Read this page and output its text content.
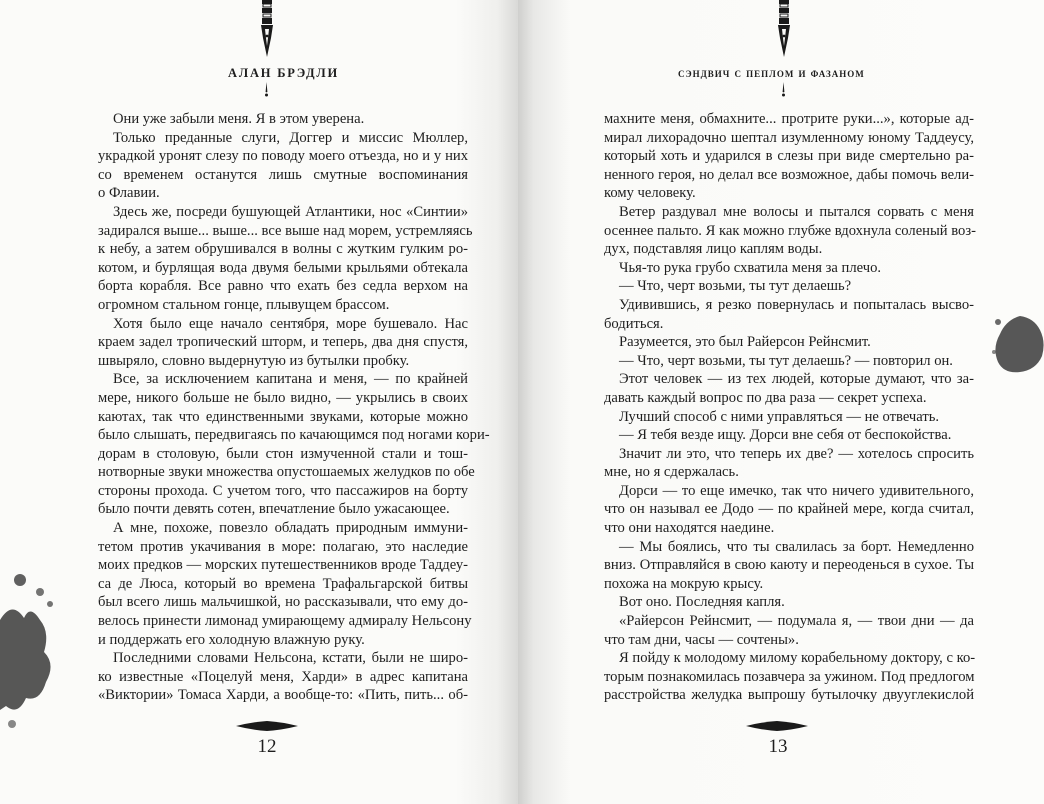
АЛАН БРЭДЛИ
Они уже забыли меня. Я в этом уверена.
Только преданные слуги, Доггер и миссис Мюллер,
украдкой уронят слезу по поводу моего отъезда, но и у них
со временем останутся лишь смутные воспоминания
о Флавии.
Здесь же, посреди бушующей Атлантики, нос «Синтии»
задирался выше... выше... все выше над морем, устремляясь
к небу, а затем обрушивался в волны с жутким гулким ро-
котом, и бурлящая вода двумя белыми крыльями обтекала
борта корабля. Все равно что ехать без седла верхом на
огромном стальном гонце, плывущем брассом.
Хотя было еще начало сентября, море бушевало. Нас
краем задел тропический шторм, и теперь, два дня спустя,
швыряло, словно выдернутую из бутылки пробку.
Все, за исключением капитана и меня, — по крайней
мере, никого больше не было видно, — укрылись в своих
каютах, так что единственными звуками, которые можно
было слышать, передвигаясь по качающимся под ногами кори-
дорам в столовую, были стон измученной стали и тош-
нотворные звуки множества опустошаемых желудков по обе
стороны прохода. С учетом того, что пассажиров на борту
было почти девять сотен, впечатление было ужасающее.
А мне, похоже, повезло обладать природным иммуни-
тетом против укачивания в море: полагаю, это наследие
моих предков — морских путешественников вроде Таддеу-
са де Люса, который во времена Трафальгарской битвы
был всего лишь мальчишкой, но рассказывали, что ему до-
велось принести лимонад умирающему адмиралу Нельсону
и поддержать его холодную влажную руку.
Последними словами Нельсона, кстати, были не широ-
ко известные «Поцелуй меня, Харди» в адрес капитана
«Виктории» Томаса Харди, а вообще-то: «Пить, пить... об-
12
сэндвич с пеплом и фазаном
махните меня, обмахните... протрите руки...», которые ад-
мирал лихорадочно шептал изумленному юному Таддеусу,
который хоть и ударился в слезы при виде смертельно ра-
ненного героя, но делал все возможное, дабы помочь вели-
кому человеку.
Ветер раздувал мне волосы и пытался сорвать с меня
осеннее пальто. Я как можно глубже вдохнула соленый воз-
дух, подставляя лицо каплям воды.
Чья-то рука грубо схватила меня за плечо.
— Что, черт возьми, ты тут делаешь?
Удивившись, я резко повернулась и попыталась высво-
бодиться.
Разумеется, это был Райерсон Рейнсмит.
— Что, черт возьми, ты тут делаешь? — повторил он.
Этот человек — из тех людей, которые думают, что за-
давать каждый вопрос по два раза — секрет успеха.
Лучший способ с ними управляться — не отвечать.
— Я тебя везде ищу. Дорси вне себя от беспокойства.
Значит ли это, что теперь их две? — хотелось спросить
мне, но я сдержалась.
Дорси — то еще имечко, так что ничего удивительного,
что он называл ее Додо — по крайней мере, когда считал,
что они находятся наедине.
— Мы боялись, что ты свалилась за борт. Немедленно
вниз. Отправляйся в свою каюту и переоденься в сухое. Ты
похожа на мокрую крысу.
Вот оно. Последняя капля.
«Райерсон Рейнсмит, — подумала я, — твои дни — да
что там дни, часы — сочтены».
Я пойду к молодому милому корабельному доктору, с ко-
торым познакомилась позавчера за ужином. Под предлогом
расстройства желудка выпрошу бутылочку двууглекислой
13
